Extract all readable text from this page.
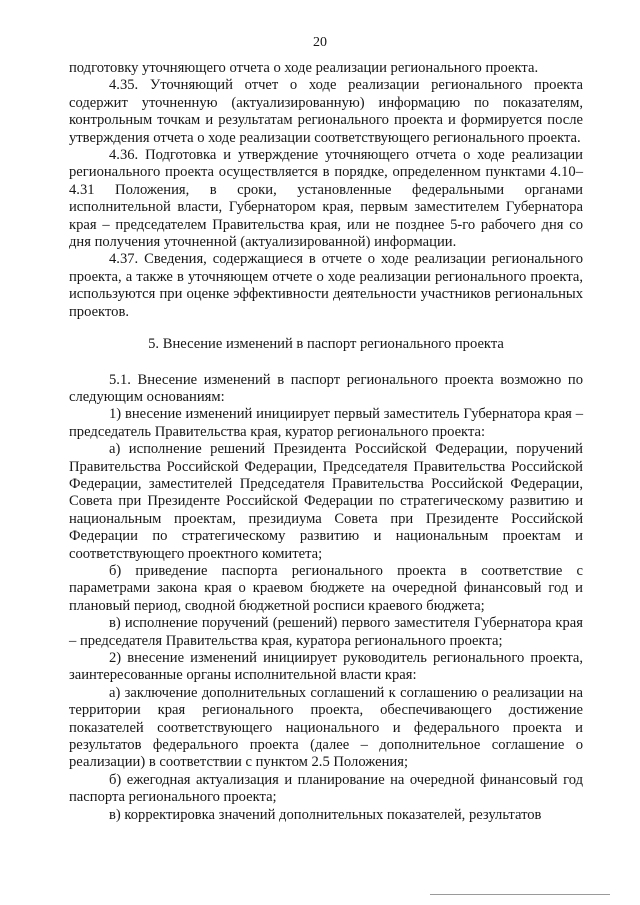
20

подготовку уточняющего отчета о ходе реализации регионального проекта.

4.35. Уточняющий отчет о ходе реализации регионального проекта содержит уточненную (актуализированную) информацию по показателям, контрольным точкам и результатам регионального проекта и формируется после утверждения отчета о ходе реализации соответствующего регионального проекта.

4.36. Подготовка и утверждение уточняющего отчета о ходе реализации регионального проекта осуществляется в порядке, определенном пунктами 4.10–4.31 Положения, в сроки, установленные федеральными органами исполнительной власти, Губернатором края, первым заместителем Губернатора края – председателем Правительства края, или не позднее 5-го рабочего дня со дня получения уточненной (актуализированной) информации.

4.37. Сведения, содержащиеся в отчете о ходе реализации регионального проекта, а также в уточняющем отчете о ходе реализации регионального проекта, используются при оценке эффективности деятельности участников региональных проектов.

5. Внесение изменений в паспорт регионального проекта

5.1. Внесение изменений в паспорт регионального проекта возможно по следующим основаниям:

1) внесение изменений инициирует первый заместитель Губернатора края – председатель Правительства края, куратор регионального проекта:

а) исполнение решений Президента Российской Федерации, поручений Правительства Российской Федерации, Председателя Правительства Российской Федерации, заместителей Председателя Правительства Российской Федерации, Совета при Президенте Российской Федерации по стратегическому развитию и национальным проектам, президиума Совета при Президенте Российской Федерации по стратегическому развитию и национальным проектам и соответствующего проектного комитета;

б) приведение паспорта регионального проекта в соответствие с параметрами закона края о краевом бюджете на очередной финансовый год и плановый период, сводной бюджетной росписи краевого бюджета;

в) исполнение поручений (решений) первого заместителя Губернатора края – председателя Правительства края, куратора регионального проекта;

2) внесение изменений инициирует руководитель регионального проекта, заинтересованные органы исполнительной власти края:

а) заключение дополнительных соглашений к соглашению о реализации на территории края регионального проекта, обеспечивающего достижение показателей соответствующего национального и федерального проекта и результатов федерального проекта (далее – дополнительное соглашение о реализации) в соответствии с пунктом 2.5 Положения;

б) ежегодная актуализация и планирование на очередной финансовый год паспорта регионального проекта;

в) корректировка значений дополнительных показателей, результатов
